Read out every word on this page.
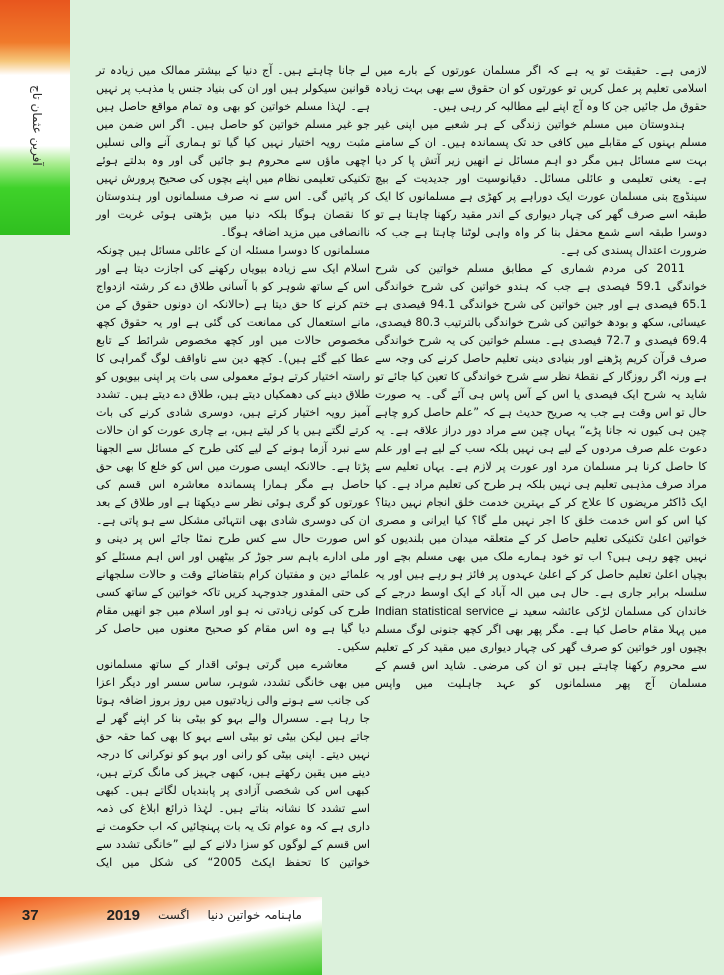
آفرین عثمان تاج

لازمی ہے۔ حقیقت تو یہ ہے کہ اگر مسلمان عورتوں کے بارے میں اسلامی تعلیم پر عمل کریں تو عورتوں کو ان حقوق سے بھی بہت زیادہ حقوق مل جائیں جن کا وہ آج اپنے لیے مطالبہ کر رہی ہیں۔

ہندوستان میں مسلم خواتین زندگی کے ہر شعبے میں اپنی غیر مسلم بہنوں کے مقابلے میں کافی حد تک پسماندہ ہیں۔ ان کے سامنے بہت سے مسائل ہیں مگر دو اہم مسائل نے انھیں زیر آتش پا کر دیا ہے۔ یعنی تعلیمی و عائلی مسائل۔ دقیانوسیت اور جدیدیت کے بیچ سینڈوچ بنی مسلمان عورت ایک دوراہے پر کھڑی ہے مسلمانوں کا ایک طبقہ اسے صرف گھر کی چہار دیواری کے اندر مقید رکھنا چاہتا ہے تو دوسرا طبقہ اسے شمع محفل بنا کر واہ واہی لوٹنا چاہتا ہے جب کہ ضرورت اعتدال پسندی کی ہے۔

2011 کی مردم شماری کے مطابق مسلم خواتین کی شرح خواندگی 59.1 فیصدی ہے جب کہ ہندو خواتین کی شرح خواندگی 65.1 فیصدی ہے اور جین خواتین کی شرح خواندگی 94.1 فیصدی ہے عیسائی، سکھ و بودھ خواتین کی شرح خواندگی بالترتیب 80.3 فیصدی، 69.4 فیصدی و 72.7 فیصدی ہے۔ مسلم خواتین کی یہ شرح خواندگی صرف قرآن کریم پڑھنے اور بنیادی دینی تعلیم حاصل کرنے کی وجہ سے ہے ورنہ اگر روزگار کے نقطۂ نظر سے شرح خواندگی کا تعین کیا جائے تو شاید یہ شرح ایک فیصدی یا اس کے آس پاس ہی آئے گی۔ یہ صورت حال تو اس وقت ہے جب یہ صریح حدیث ہے کہ ”علم حاصل کرو چاہے چین ہی کیوں نہ جانا پڑے“ یہاں چین سے مراد دور دراز علاقہ ہے۔ یہ دعوت علم صرف مردوں کے لیے ہی نہیں بلکہ سب کے لیے ہے اور علم کا حاصل کرنا ہر مسلمان مرد اور عورت پر لازم ہے۔ یہاں تعلیم سے مراد صرف مذہبی تعلیم ہی نہیں بلکہ ہر طرح کی تعلیم مراد ہے۔ کیا ایک ڈاکٹر مریضوں کا علاج کر کے بہترین خدمت خلق انجام نہیں دیتا؟ کیا اس کو اس خدمت خلق کا اجر نہیں ملے گا؟ کیا ایرانی و مصری خواتین اعلیٰ تکنیکی تعلیم حاصل کر کے متعلقہ میدان میں بلندیوں کو نہیں چھو رہی ہیں؟ اب تو خود ہمارے ملک میں بھی مسلم بچے اور بچیاں اعلیٰ تعلیم حاصل کر کے اعلیٰ عہدوں پر فائز ہو رہے ہیں اور یہ سلسلہ برابر جاری ہے۔ حال ہی میں الہ آباد کے ایک اوسط درجے کے خاندان کی مسلمان لڑکی عائشہ سعید نے Indian statistical service میں پہلا مقام حاصل کیا ہے۔ مگر پھر بھی اگر کچھ جنونی لوگ مسلم بچیوں اور خواتین کو صرف گھر کی چہار دیواری میں مقید کر کے تعلیم سے محروم رکھنا چاہتے ہیں تو ان کی مرضی۔ شاید اس قسم کے مسلمان آج پھر مسلمانوں کو عہد جاہلیت میں واپس

لے جانا چاہتے ہیں۔ آج دنیا کے بیشتر ممالک میں زیادہ تر قوانین سیکولر ہیں اور ان کی بنیاد جنس یا مذہب پر نہیں ہے۔ لہٰذا مسلم خواتین کو بھی وہ تمام مواقع حاصل ہیں جو غیر مسلم خواتین کو حاصل ہیں۔ اگر اس ضمن میں مثبت رویہ اختیار نہیں کیا گیا تو ہماری آنے والی نسلیں اچھی ماؤں سے محروم ہو جائیں گی اور وہ بدلتے ہوئے تکنیکی تعلیمی نظام میں اپنے بچوں کی صحیح پرورش نہیں کر پائیں گی۔ اس سے نہ صرف مسلمانوں اور ہندوستان کا نقصان ہوگا بلکہ دنیا میں بڑھتی ہوئی غربت اور ناانصافی میں مزید اضافہ ہوگا۔

مسلمانوں کا دوسرا مسئلہ ان کے عائلی مسائل ہیں چونکہ اسلام ایک سے زیادہ بیویاں رکھنے کی اجازت دیتا ہے اور اس کے ساتھ شوہر کو با آسانی طلاق دے کر رشتہ ازدواج ختم کرنے کا حق دیتا ہے (حالانکہ ان دونوں حقوق کے من مانے استعمال کی ممانعت کی گئی ہے اور یہ حقوق کچھ مخصوص حالات میں اور کچھ مخصوص شرائط کے تابع عطا کیے گئے ہیں)۔ کچھ دین سے ناواقف لوگ گمراہی کا راستہ اختیار کرتے ہوئے معمولی سی بات پر اپنی بیویوں کو طلاق دینے کی دھمکیاں دیتے ہیں، طلاق دے دیتے ہیں۔ تشدد آمیز رویہ اختیار کرتے ہیں، دوسری شادی کرنے کی بات کرتے لگتے ہیں یا کر لیتے ہیں، بے چاری عورت کو ان حالات سے نبرد آزما ہونے کے لیے کئی طرح کے مسائل سے الجھنا پڑتا ہے۔ حالانکہ ایسی صورت میں اس کو خلع کا بھی حق حاصل ہے مگر ہمارا پسماندہ معاشرہ اس قسم کی عورتوں کو گری ہوئی نظر سے دیکھتا ہے اور طلاق کے بعد ان کی دوسری شادی بھی انتہائی مشکل سے ہو پاتی ہے۔ اس صورت حال سے کس طرح نمٹا جائے اس پر دینی و ملی ادارے باہم سر جوڑ کر بیٹھیں اور اس اہم مسئلے کو علمائے دین و مفتیان کرام بتقاضائے وقت و حالات سلجھانے کی حتی المقدور جدوجہد کریں تاکہ خواتین کے ساتھ کسی طرح کی کوئی زیادتی نہ ہو اور اسلام میں جو انھیں مقام دیا گیا ہے وہ اس مقام کو صحیح معنوں میں حاصل کر سکیں۔

معاشرے میں گرتی ہوئی اقدار کے ساتھ مسلمانوں میں بھی خانگی تشدد، شوہر، ساس سسر اور دیگر اعزا کی جانب سے ہونے والی زیادتیوں میں روز بروز اضافہ ہوتا جا رہا ہے۔ سسرال والے بہو کو بیٹی بنا کر اپنے گھر لے جاتے ہیں لیکن بیٹی تو بیٹی اسے بہو کا بھی کما حقہ حق نہیں دیتے۔ اپنی بیٹی کو رانی اور بہو کو نوکرانی کا درجہ دینے میں یقین رکھتے ہیں، کبھی جہیز کی مانگ کرتے ہیں، کبھی اس کی شخصی آزادی پر پابندیاں لگاتے ہیں۔ کبھی اسے تشدد کا نشانہ بناتے ہیں۔ لہٰذا ذرائع ابلاغ کی ذمہ داری ہے کہ وہ عوام تک یہ بات پہنچائیں کہ اب حکومت نے اس قسم کے لوگوں کو سزا دلانے کے لیے ”خانگی تشدد سے خواتین کا تحفظ ایکٹ 2005“ کی شکل میں ایک

ماہنامہ خواتین دنیا
اگست
2019
37
